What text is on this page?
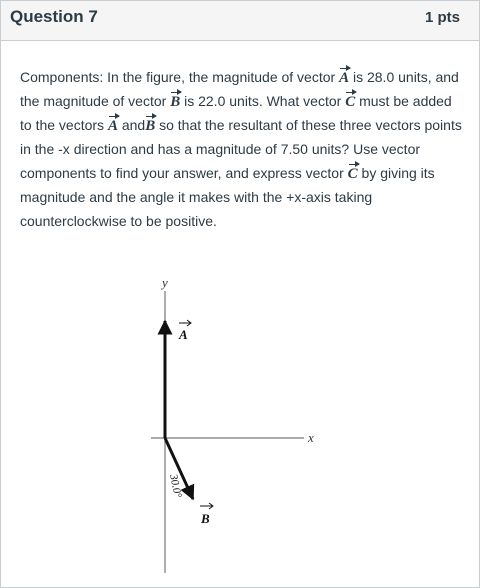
Question 7	1 pts
Components: In the figure, the magnitude of vector A is 28.0 units, and the magnitude of vector B is 22.0 units. What vector C must be added to the vectors A andB so that the resultant of these three vectors points in the -x direction and has a magnitude of 7.50 units? Use vector components to find your answer, and express vector C by giving its magnitude and the angle it makes with the +x-axis taking counterclockwise to be positive.
y
x
A
B
30.0°
